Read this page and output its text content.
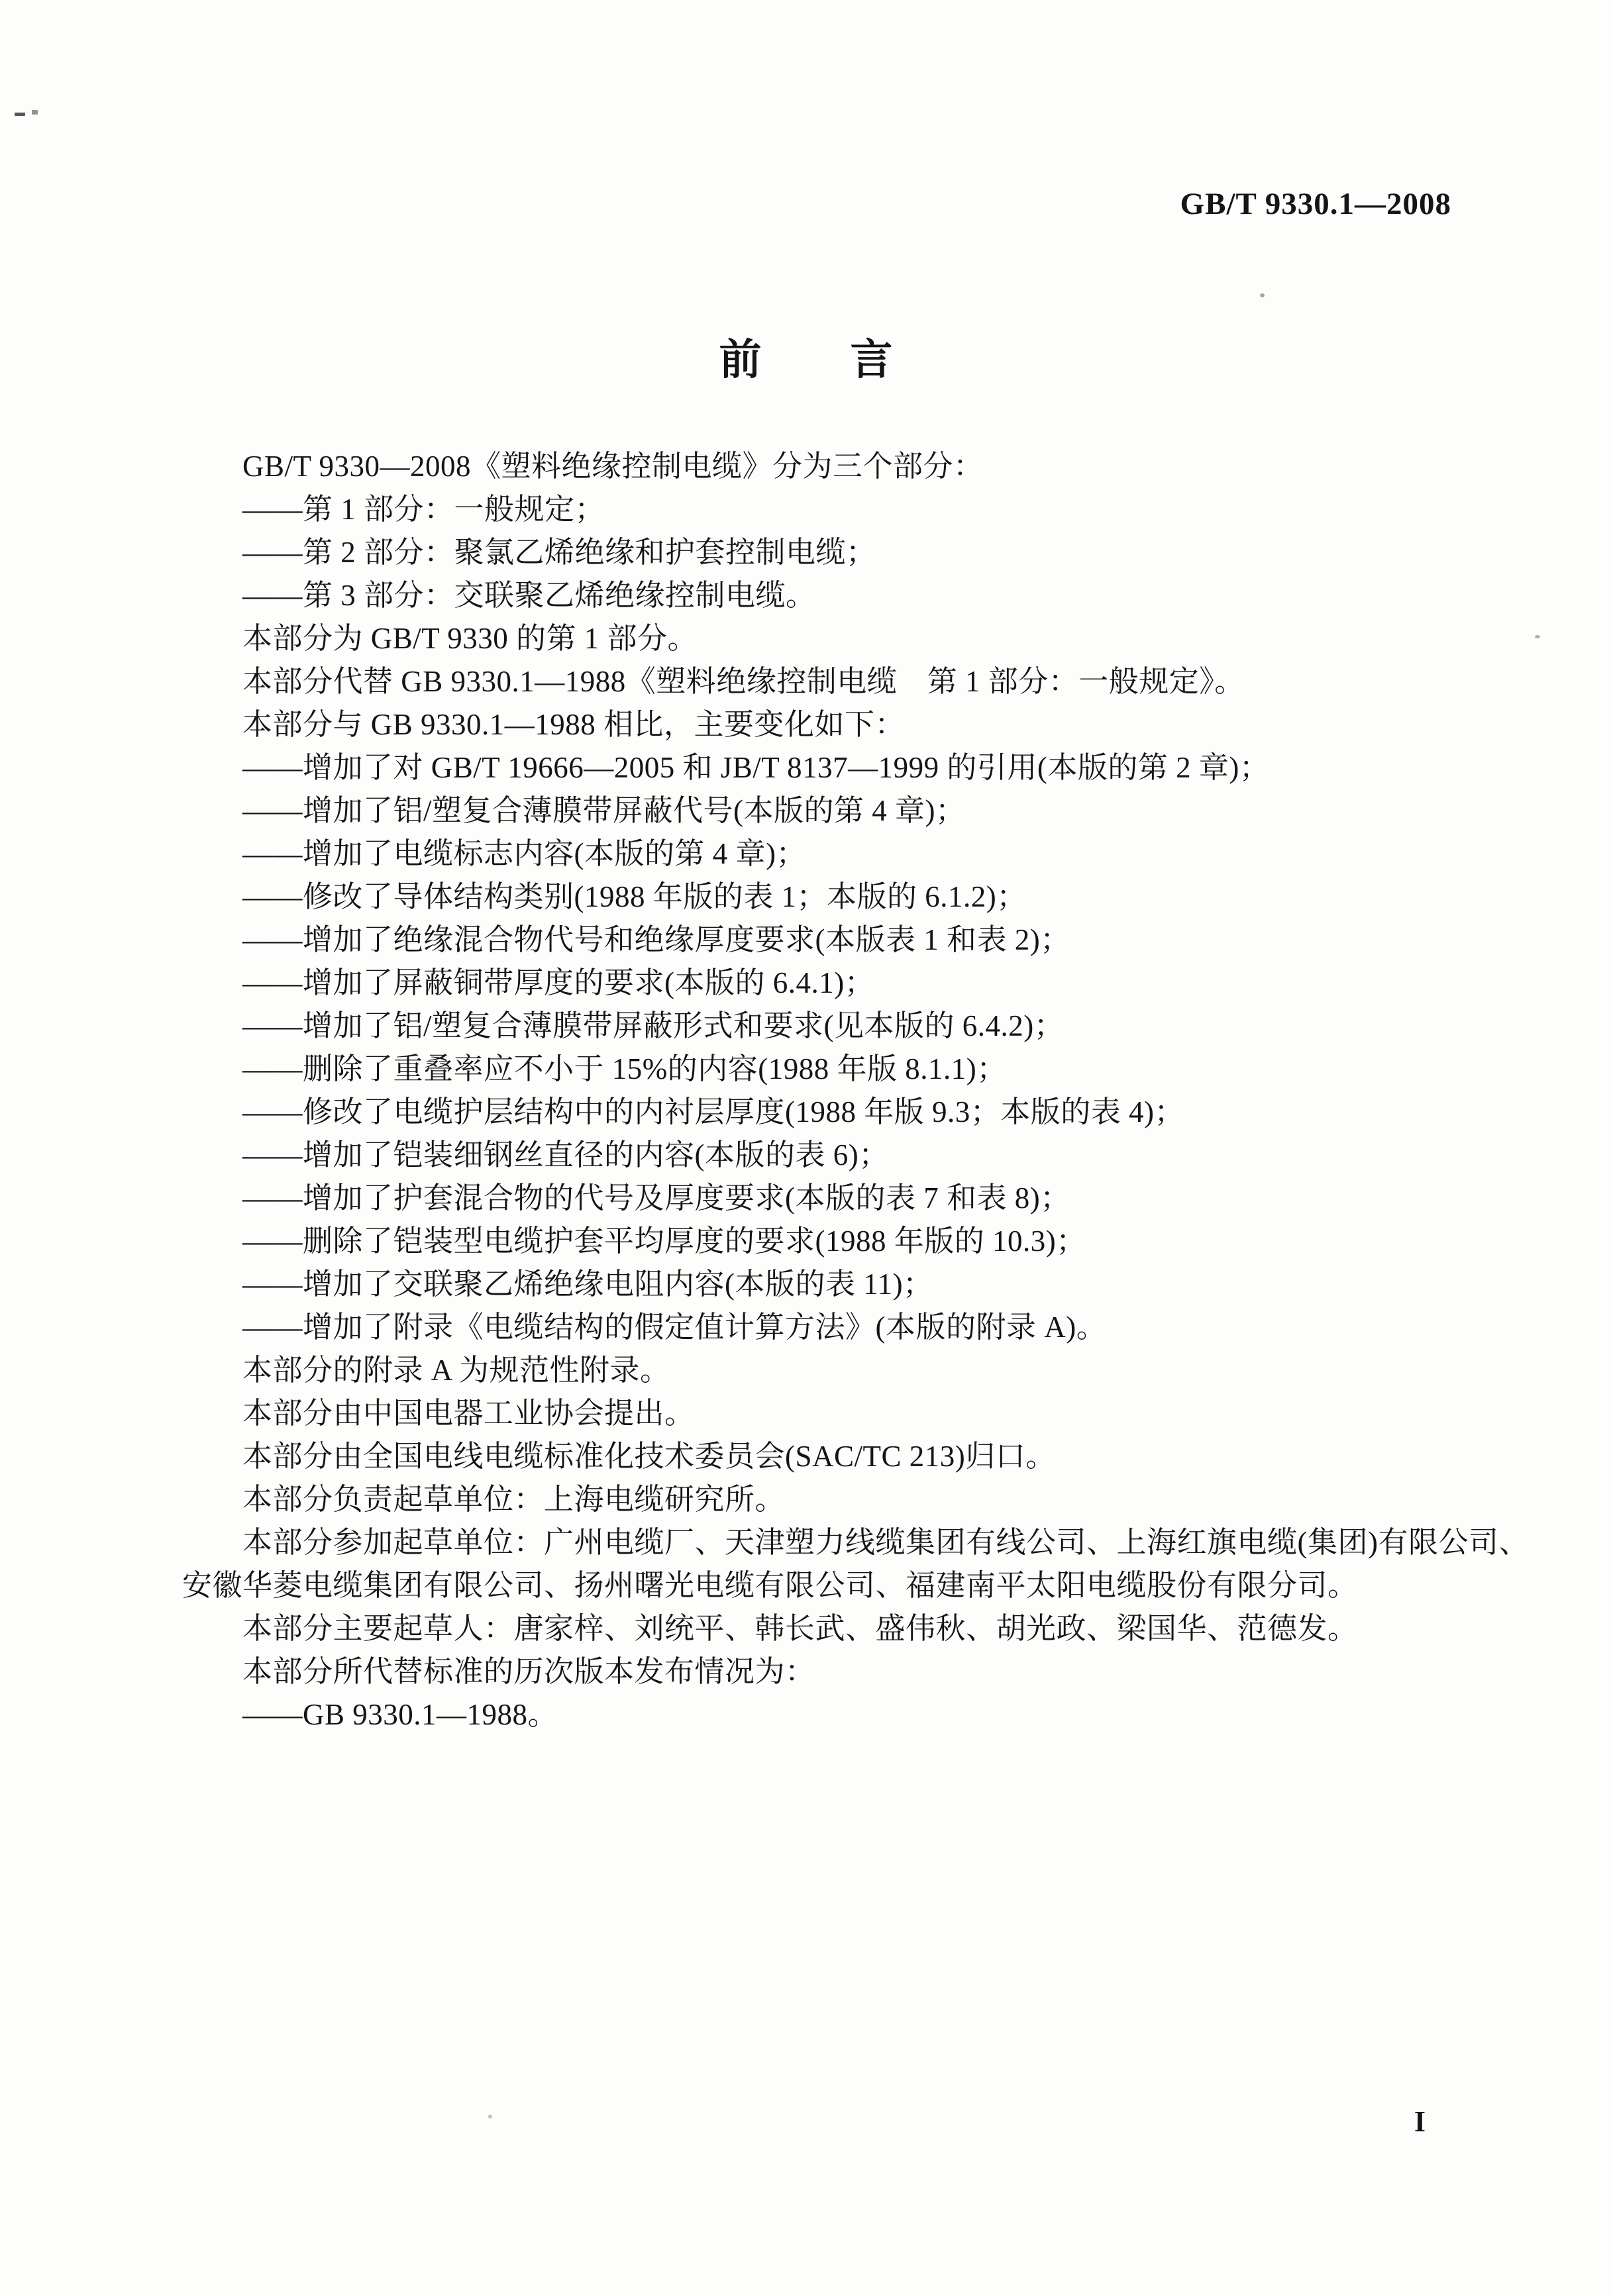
GB/T 9330.1—2008
前　　言
GB/T 9330—2008《塑料绝缘控制电缆》分为三个部分：
——第 1 部分：一般规定；
——第 2 部分：聚氯乙烯绝缘和护套控制电缆；
——第 3 部分：交联聚乙烯绝缘控制电缆。
本部分为 GB/T 9330 的第 1 部分。
本部分代替 GB 9330.1—1988《塑料绝缘控制电缆　第 1 部分：一般规定》。
本部分与 GB 9330.1—1988 相比，主要变化如下：
——增加了对 GB/T 19666—2005 和 JB/T 8137—1999 的引用(本版的第 2 章)；
——增加了铝/塑复合薄膜带屏蔽代号(本版的第 4 章)；
——增加了电缆标志内容(本版的第 4 章)；
——修改了导体结构类别(1988 年版的表 1；本版的 6.1.2)；
——增加了绝缘混合物代号和绝缘厚度要求(本版表 1 和表 2)；
——增加了屏蔽铜带厚度的要求(本版的 6.4.1)；
——增加了铝/塑复合薄膜带屏蔽形式和要求(见本版的 6.4.2)；
——删除了重叠率应不小于 15%的内容(1988 年版 8.1.1)；
——修改了电缆护层结构中的内衬层厚度(1988 年版 9.3；本版的表 4)；
——增加了铠装细钢丝直径的内容(本版的表 6)；
——增加了护套混合物的代号及厚度要求(本版的表 7 和表 8)；
——删除了铠装型电缆护套平均厚度的要求(1988 年版的 10.3)；
——增加了交联聚乙烯绝缘电阻内容(本版的表 11)；
——增加了附录《电缆结构的假定值计算方法》(本版的附录 A)。
本部分的附录 A 为规范性附录。
本部分由中国电器工业协会提出。
本部分由全国电线电缆标准化技术委员会(SAC/TC 213)归口。
本部分负责起草单位：上海电缆研究所。
本部分参加起草单位：广州电缆厂、天津塑力线缆集团有线公司、上海红旗电缆(集团)有限公司、
安徽华菱电缆集团有限公司、扬州曙光电缆有限公司、福建南平太阳电缆股份有限分司。
本部分主要起草人：唐家梓、刘统平、韩长武、盛伟秋、胡光政、梁国华、范德发。
本部分所代替标准的历次版本发布情况为：
——GB 9330.1—1988。
I
